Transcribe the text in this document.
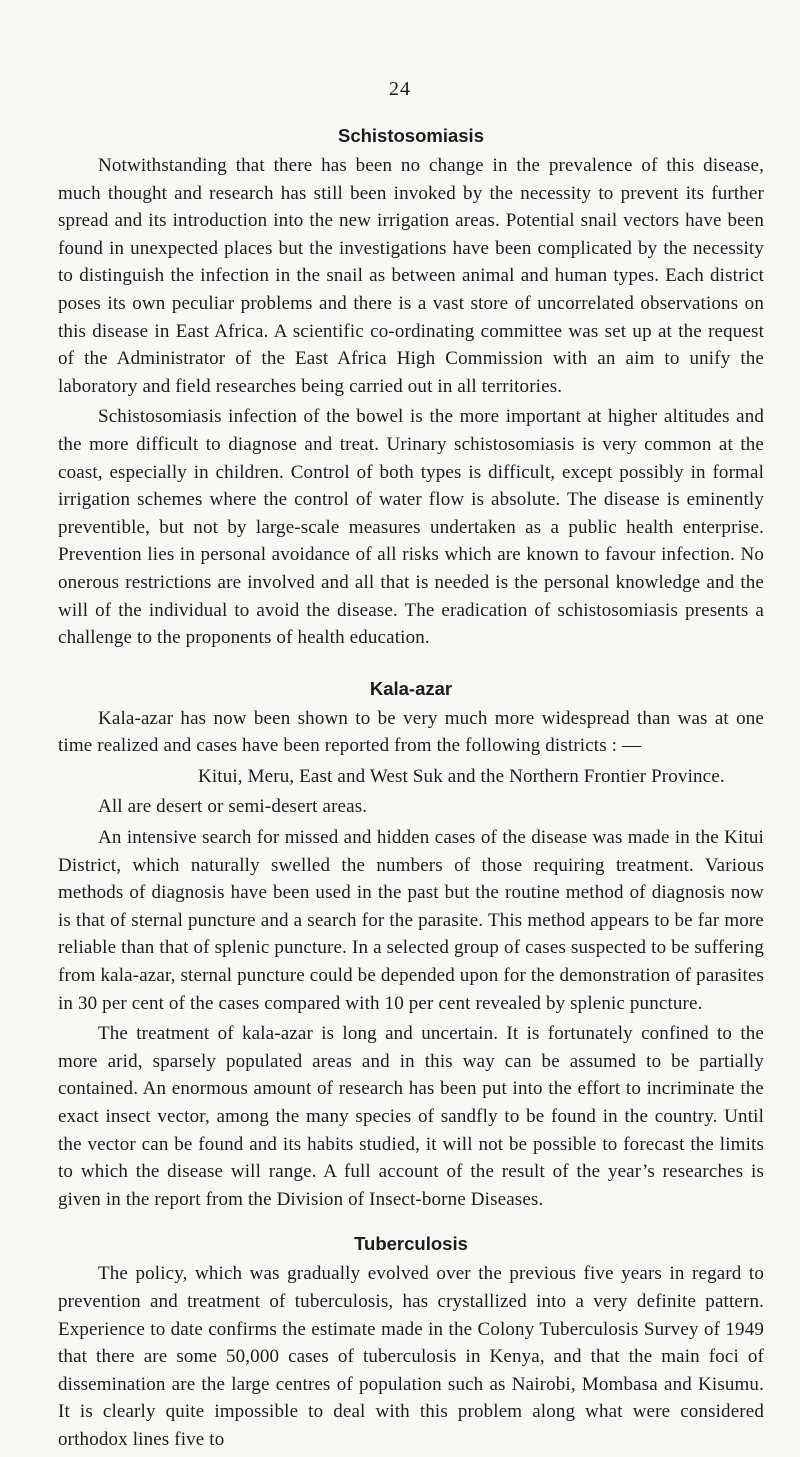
24
Schistosomiasis

Notwithstanding that there has been no change in the prevalence of this disease, much thought and research has still been invoked by the necessity to prevent its further spread and its introduction into the new irrigation areas. Potential snail vectors have been found in unexpected places but the investigations have been complicated by the necessity to distinguish the infection in the snail as between animal and human types. Each district poses its own peculiar problems and there is a vast store of uncorrelated observations on this disease in East Africa. A scientific co-ordinating committee was set up at the request of the Administrator of the East Africa High Commission with an aim to unify the laboratory and field researches being carried out in all territories.

Schistosomiasis infection of the bowel is the more important at higher altitudes and the more difficult to diagnose and treat. Urinary schistosomiasis is very common at the coast, especially in children. Control of both types is difficult, except possibly in formal irrigation schemes where the control of water flow is absolute. The disease is eminently preventible, but not by large-scale measures undertaken as a public health enterprise. Prevention lies in personal avoidance of all risks which are known to favour infection. No onerous restrictions are involved and all that is needed is the personal knowledge and the will of the individual to avoid the disease. The eradication of schistosomiasis presents a challenge to the proponents of health education.

Kala-azar

Kala-azar has now been shown to be very much more widespread than was at one time realized and cases have been reported from the following districts : —

Kitui, Meru, East and West Suk and the Northern Frontier Province.

All are desert or semi-desert areas.

An intensive search for missed and hidden cases of the disease was made in the Kitui District, which naturally swelled the numbers of those requiring treatment. Various methods of diagnosis have been used in the past but the routine method of diagnosis now is that of sternal puncture and a search for the parasite. This method appears to be far more reliable than that of splenic puncture. In a selected group of cases suspected to be suffering from kala-azar, sternal puncture could be depended upon for the demonstration of parasites in 30 per cent of the cases compared with 10 per cent revealed by splenic puncture.

The treatment of kala-azar is long and uncertain. It is fortunately confined to the more arid, sparsely populated areas and in this way can be assumed to be partially contained. An enormous amount of research has been put into the effort to incriminate the exact insect vector, among the many species of sandfly to be found in the country. Until the vector can be found and its habits studied, it will not be possible to forecast the limits to which the disease will range. A full account of the result of the year’s researches is given in the report from the Division of Insect-borne Diseases.

Tuberculosis

The policy, which was gradually evolved over the previous five years in regard to prevention and treatment of tuberculosis, has crystallized into a very definite pattern. Experience to date confirms the estimate made in the Colony Tuberculosis Survey of 1949 that there are some 50,000 cases of tuberculosis in Kenya, and that the main foci of dissemination are the large centres of population such as Nairobi, Mombasa and Kisumu. It is clearly quite impossible to deal with this problem along what were considered orthodox lines five to
